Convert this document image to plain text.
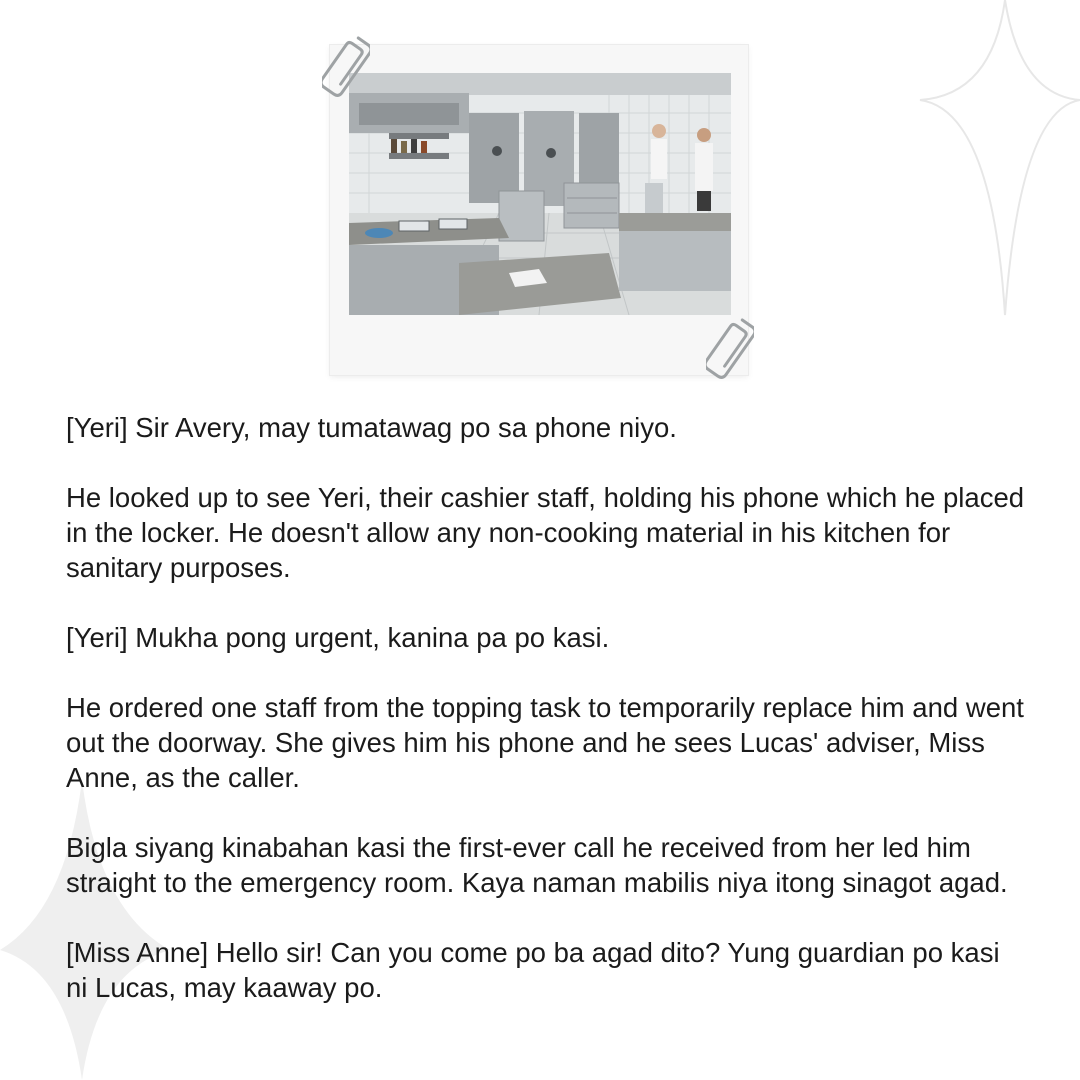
[Yeri] Sir Avery, may tumatawag po sa phone niyo.

He looked up to see Yeri, their cashier staff, holding his phone which he placed in the locker. He doesn't allow any non-cooking material in his kitchen for sanitary purposes.

[Yeri] Mukha pong urgent, kanina pa po kasi.

He ordered one staff from the topping task to temporarily replace him and went out the doorway. She gives him his phone and he sees Lucas' adviser, Miss Anne, as the caller.

Bigla siyang kinabahan kasi the first-ever call he received from her led him straight to the emergency room. Kaya naman mabilis niya itong sinagot agad.

[Miss Anne] Hello sir! Can you come po ba agad dito? Yung guardian po kasi ni Lucas, may kaaway po.
